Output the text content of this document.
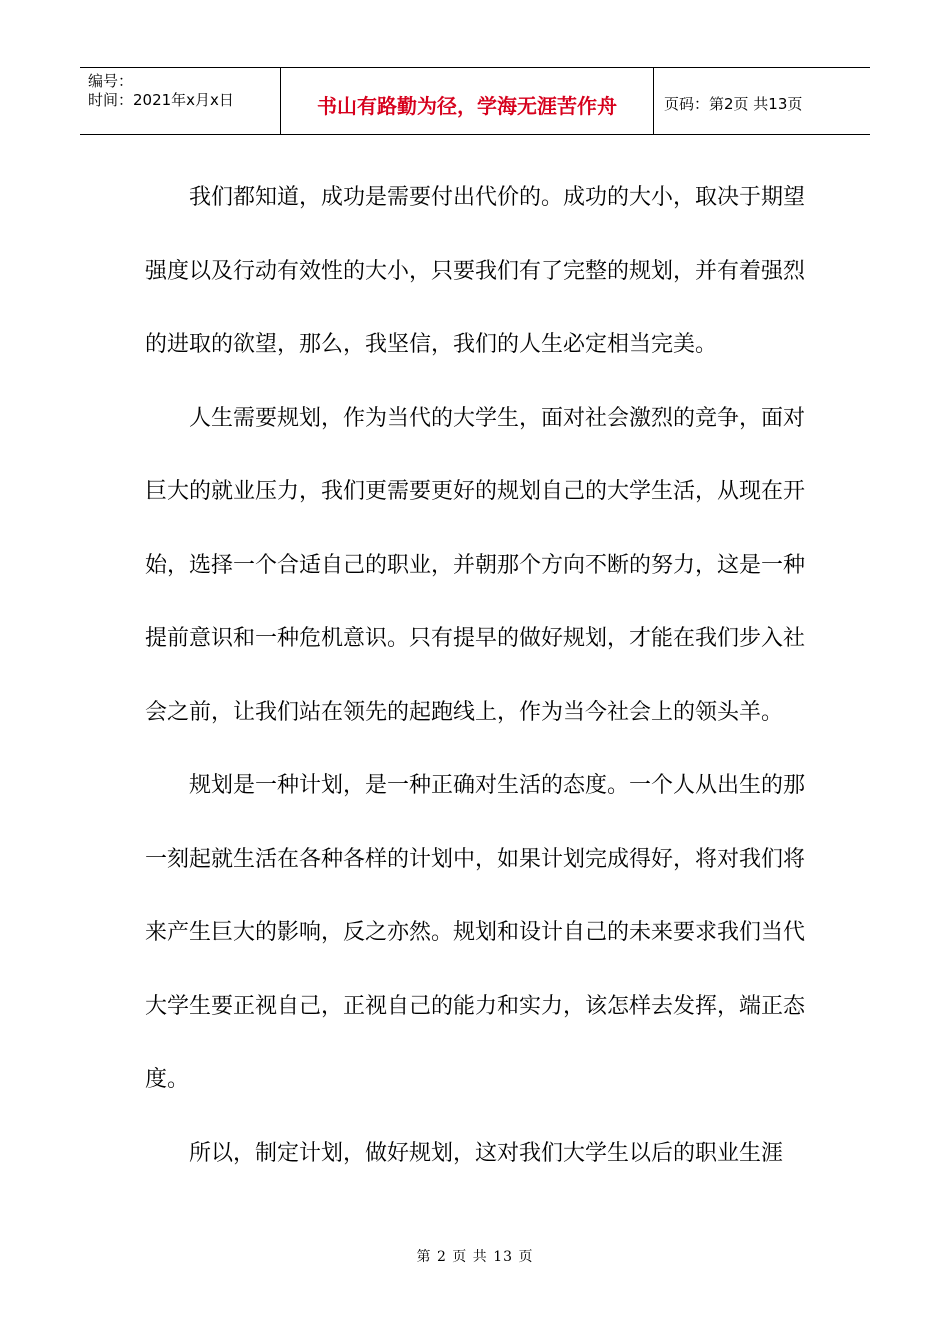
编号：
时间：2021年x月x日	书山有路勤为径，学海无涯苦作舟	页码：第2页 共13页

我们都知道，成功是需要付出代价的。成功的大小，取决于期望强度以及行动有效性的大小，只要我们有了完整的规划，并有着强烈的进取的欲望，那么，我坚信，我们的人生必定相当完美。

人生需要规划，作为当代的大学生，面对社会激烈的竞争，面对巨大的就业压力，我们更需要更好的规划自己的大学生活，从现在开始，选择一个合适自己的职业，并朝那个方向不断的努力，这是一种提前意识和一种危机意识。只有提早的做好规划，才能在我们步入社会之前，让我们站在领先的起跑线上，作为当今社会上的领头羊。

规划是一种计划，是一种正确对生活的态度。一个人从出生的那一刻起就生活在各种各样的计划中，如果计划完成得好，将对我们将来产生巨大的影响，反之亦然。规划和设计自己的未来要求我们当代大学生要正视自己，正视自己的能力和实力，该怎样去发挥，端正态度。

所以，制定计划，做好规划，这对我们大学生以后的职业生涯

第 2 页 共 13 页
